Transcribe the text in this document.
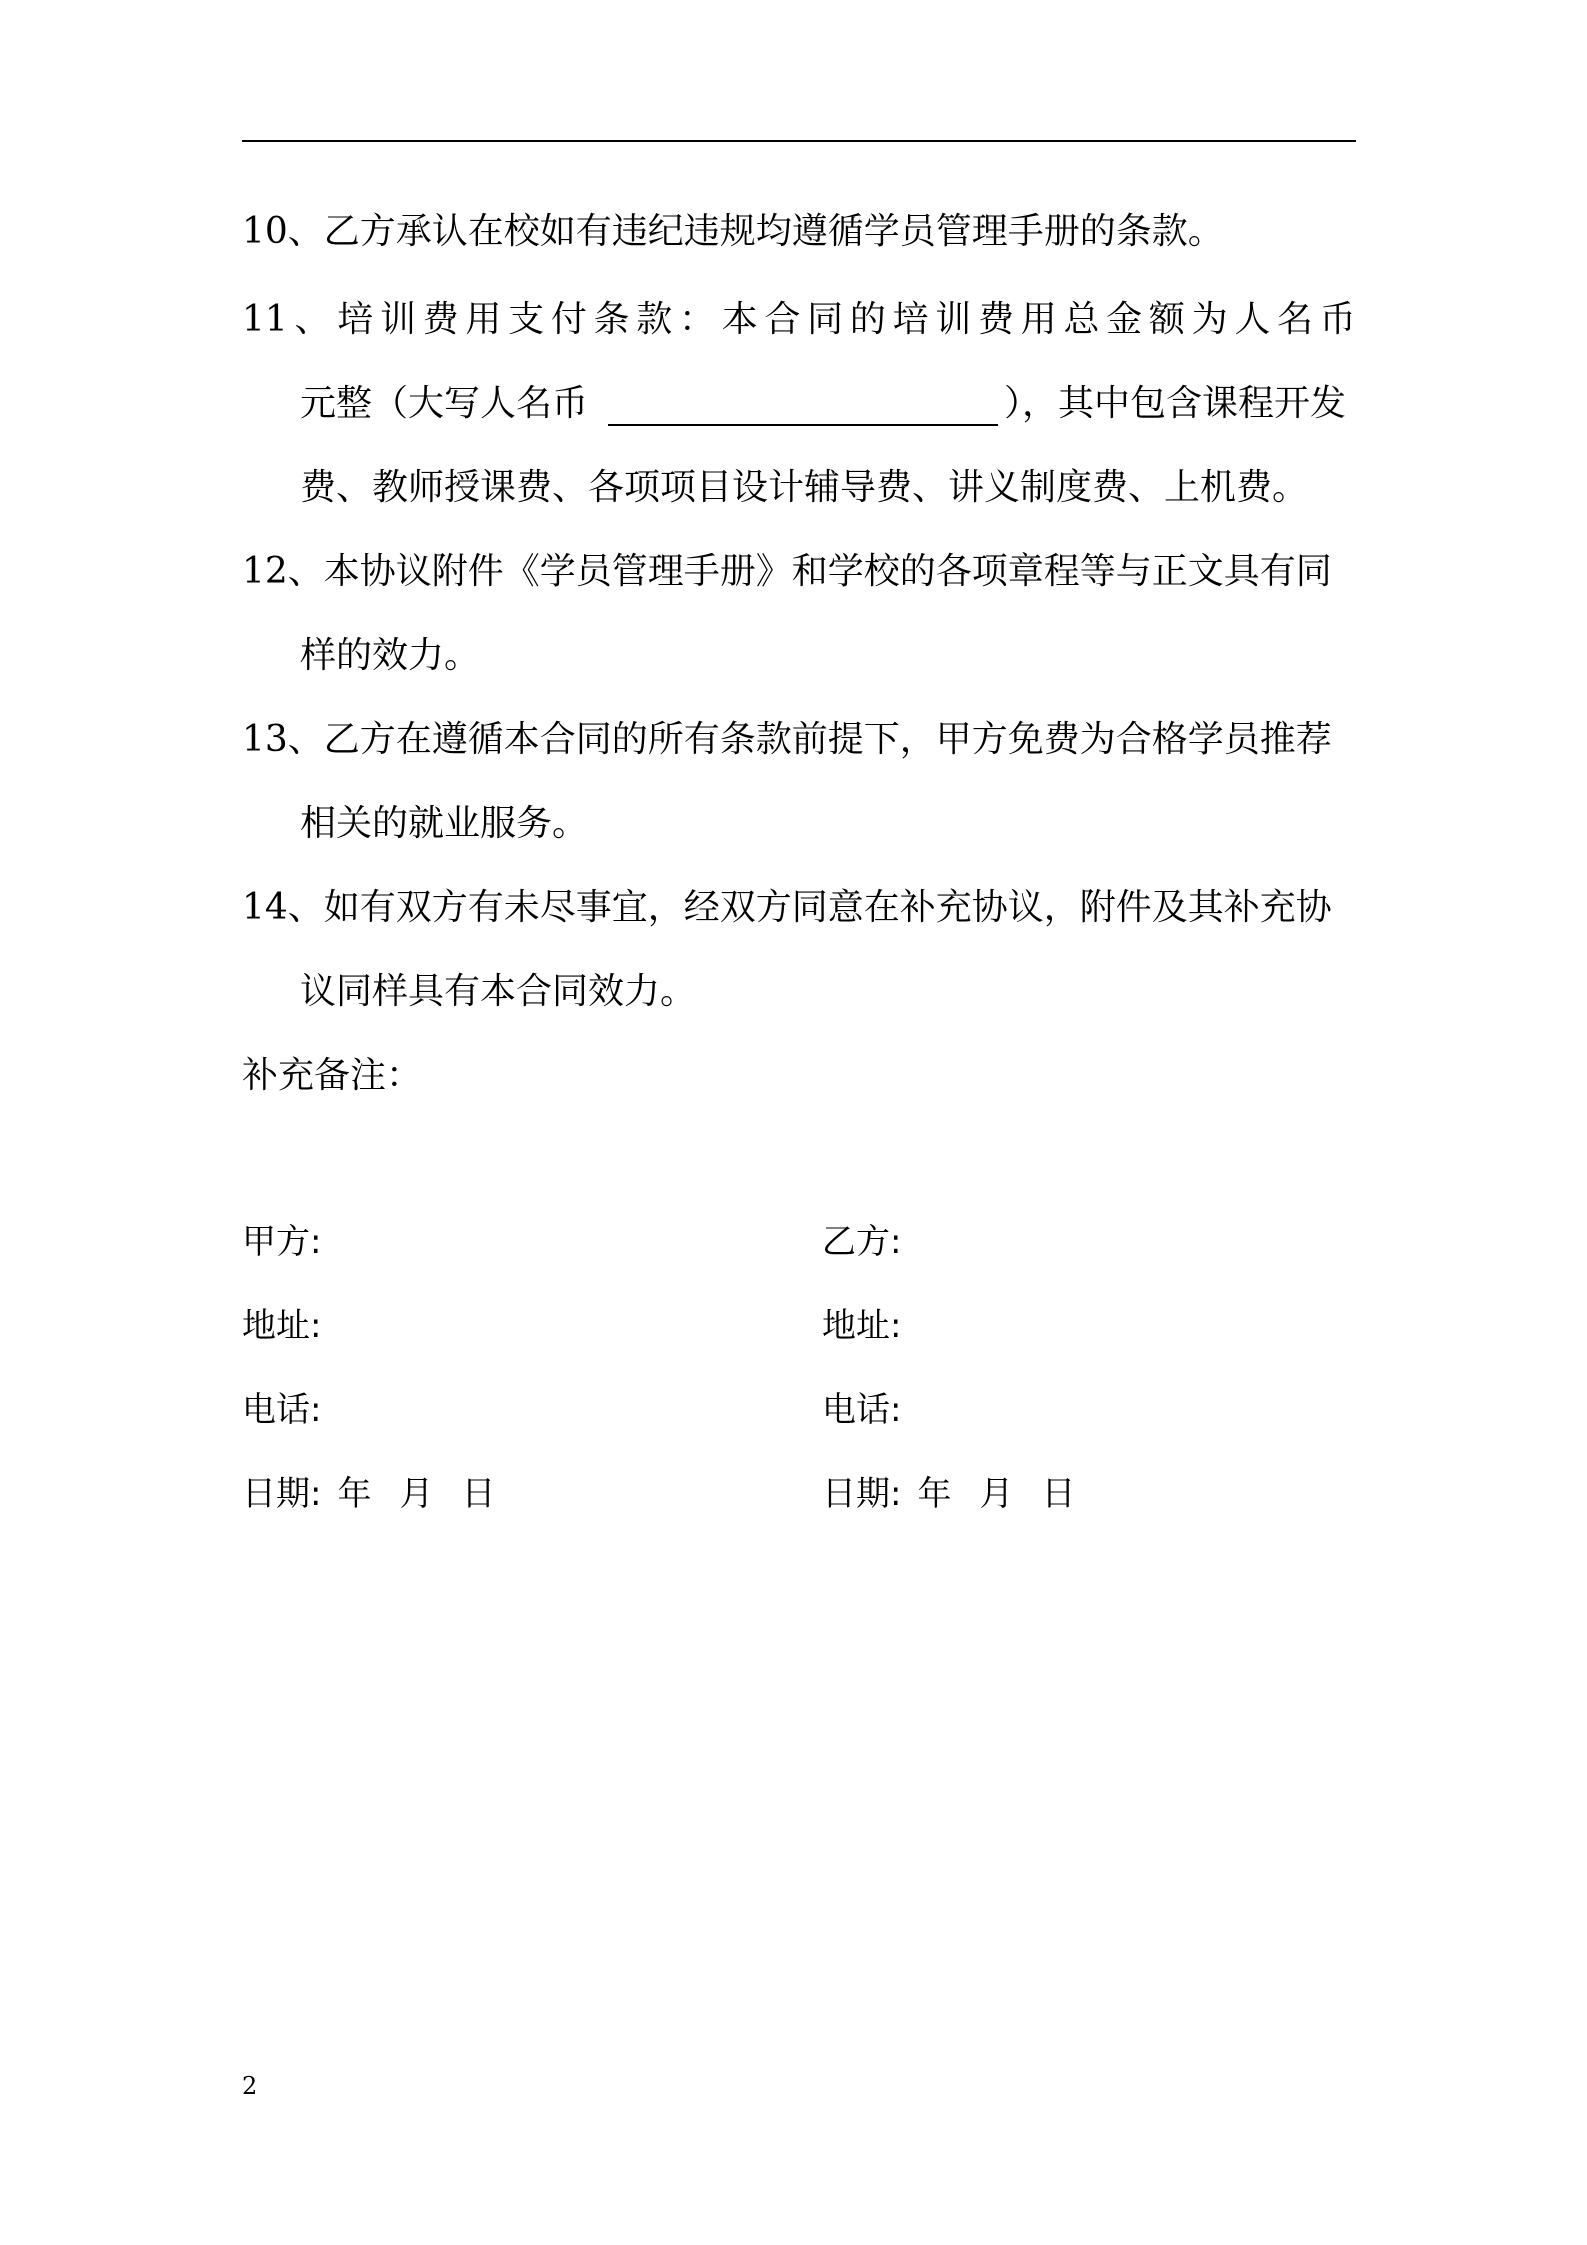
10、乙方承认在校如有违纪违规均遵循学员管理手册的条款。
11 、 培 训 费 用 支 付 条 款 ： 本 合 同 的 培 训 费 用 总 金 额 为 人 名 币
元整（大写人名币	），其中包含课程开发
费、教师授课费、各项项目设计辅导费、讲义制度费、上机费。
12、本协议附件《学员管理手册》和学校的各项章程等与正文具有同
样的效力。
13、乙方在遵循本合同的所有条款前提下，甲方免费为合格学员推荐
相关的就业服务。
14、如有双方有未尽事宜，经双方同意在补充协议，附件及其补充协
议同样具有本合同效力。
补充备注：
甲方:
地址:
电话:
日期: 年 月 日
乙方:
地址:
电话:
日期: 年 月 日
2
